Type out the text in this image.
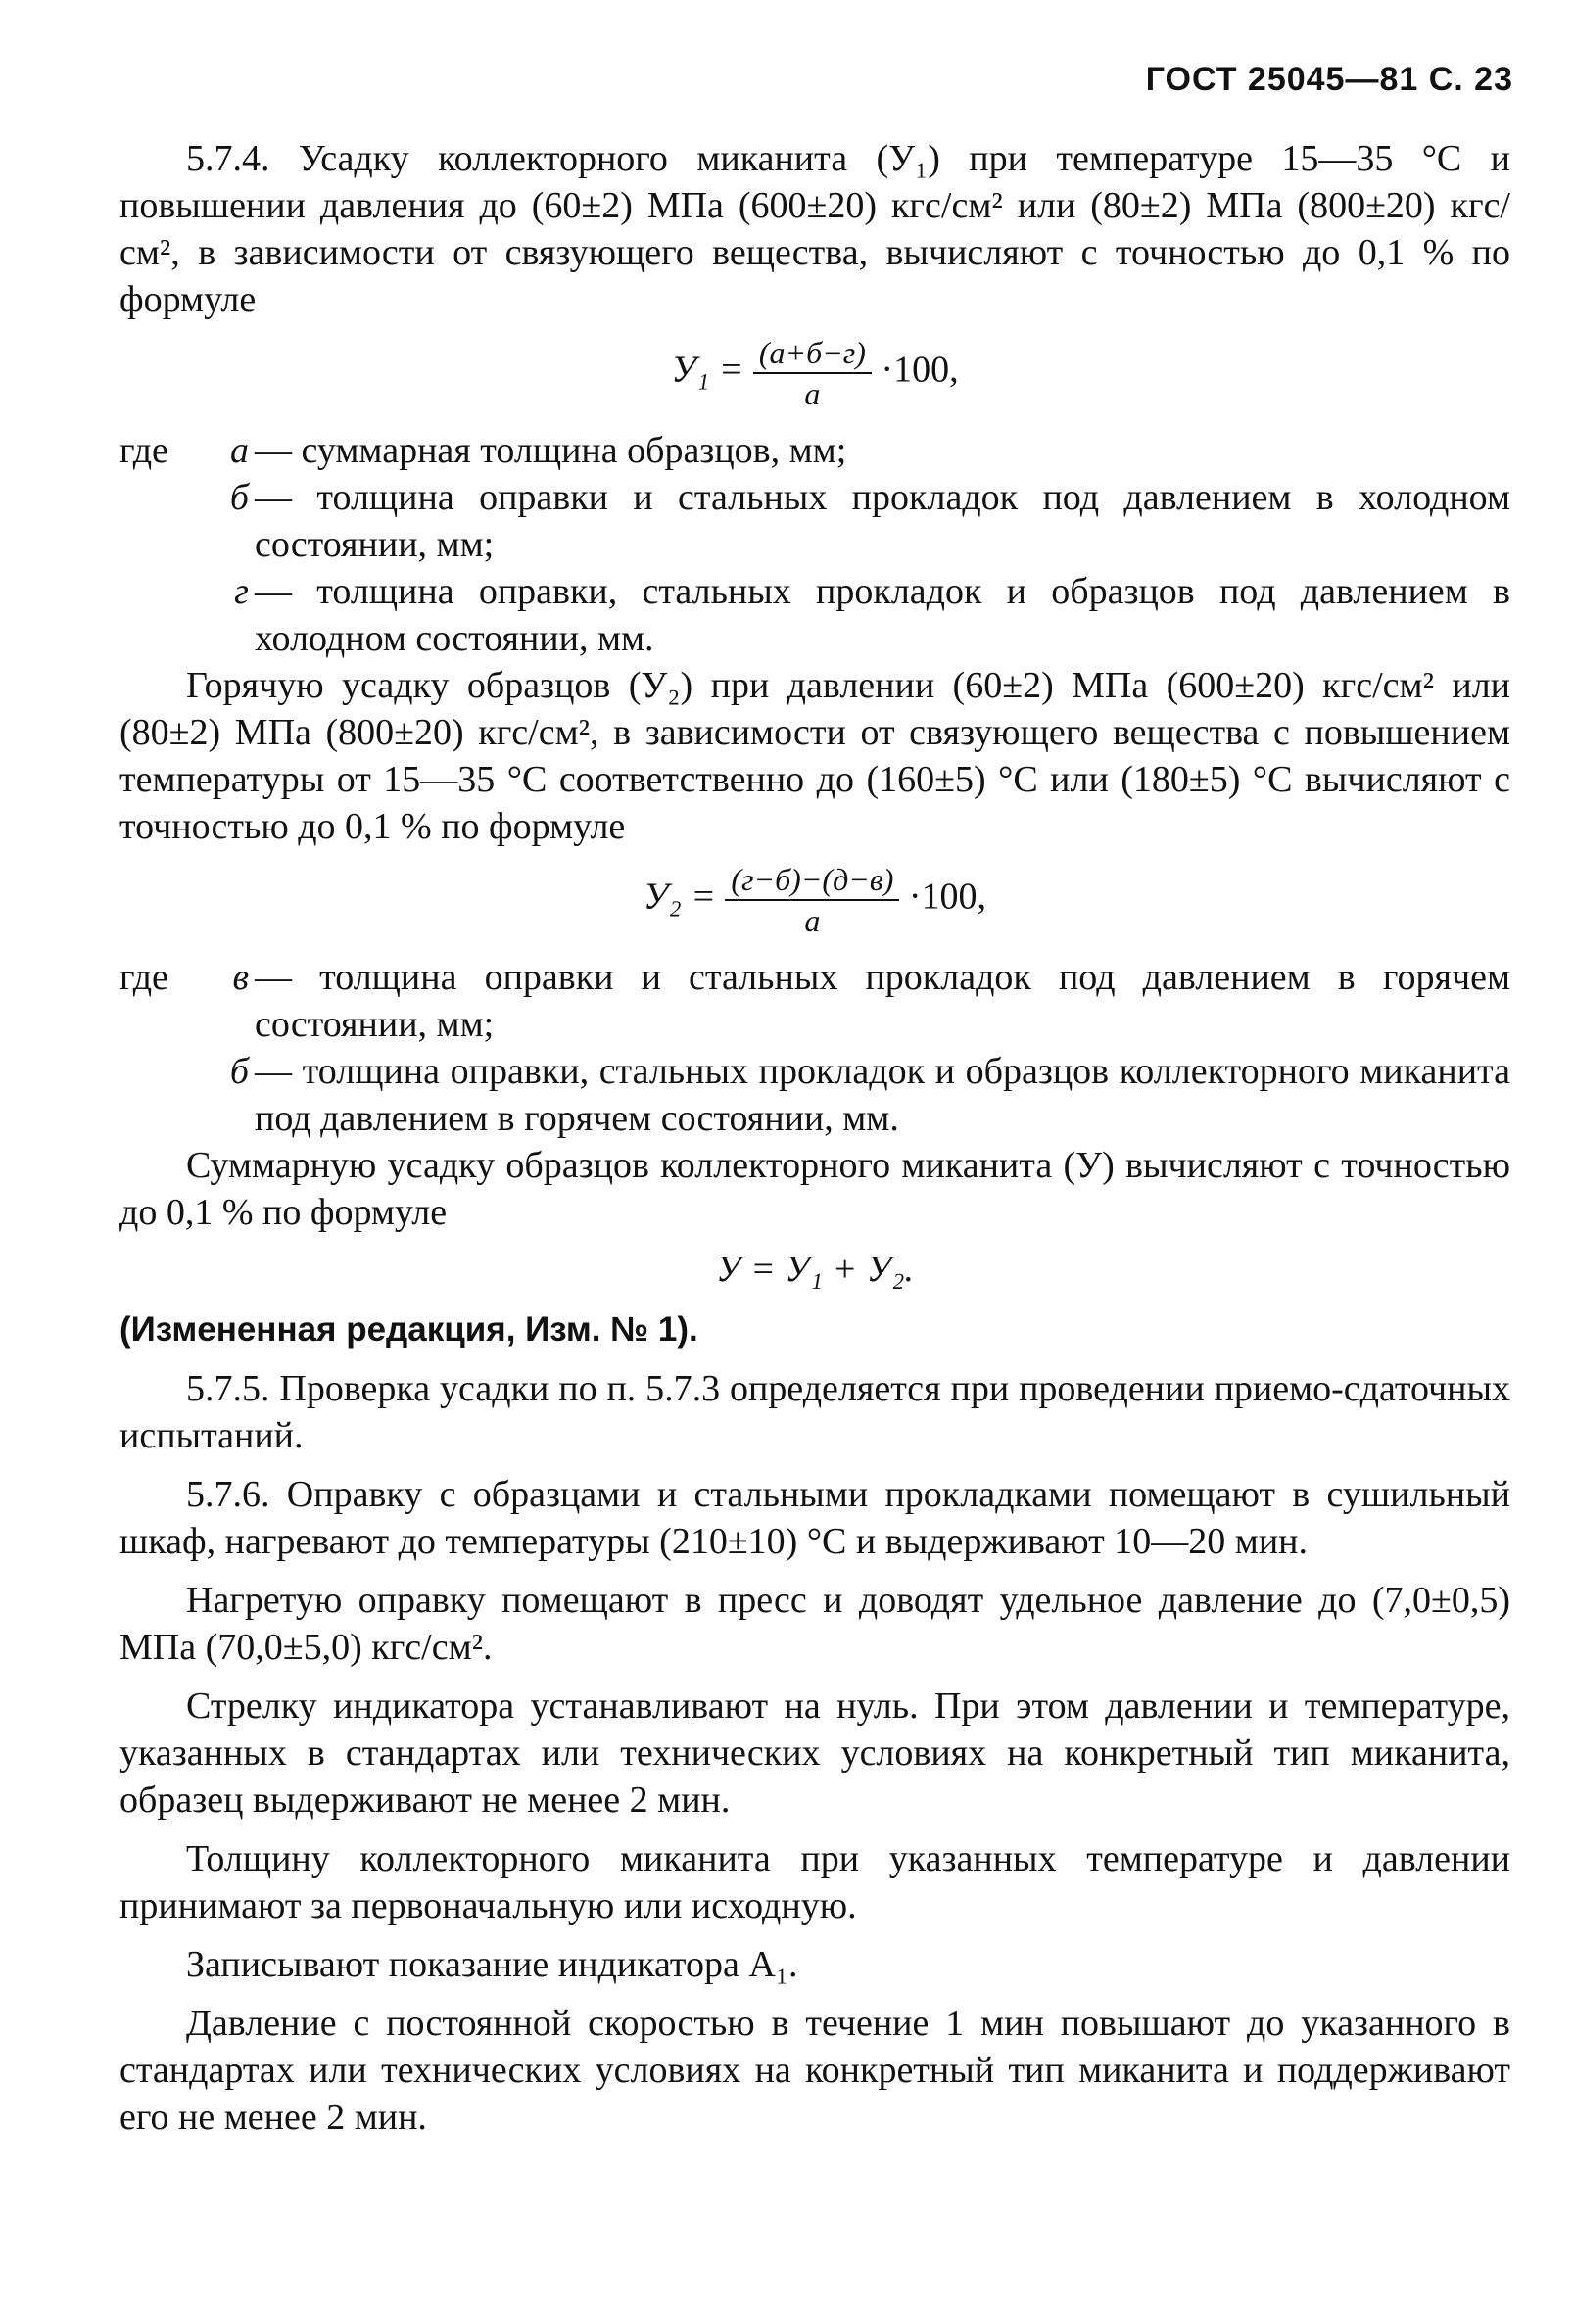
ГОСТ 25045—81 С. 23

5.7.4. Усадку коллекторного миканита (У₁) при температуре 15—35 °С и повышении давления до (60±2) МПа (600±20) кгс/см² или (80±2) МПа (800±20) кгс/см², в зависимости от связующего вещества, вычисляют с точностью до 0,1 % по формуле

$У_1 = \frac{(а+б-г)}{а} \cdot 100$,
где	а — суммарная толщина образцов, мм;
б — толщина оправки и стальных прокладок под давлением в холодном состоянии, мм;
г — толщина оправки, стальных прокладок и образцов под давлением в холодном состоянии, мм.

Горячую усадку образцов (У₂) при давлении (60±2) МПа (600±20) кгс/см² или (80±2) МПа (800±20) кгс/см², в зависимости от связующего вещества с повышением температуры от 15—35 °С соответственно до (160±5) °С или (180±5) °С вычисляют с точностью до 0,1 % по формуле

$У_2 = \frac{(г-б)-(д-в)}{а} \cdot 100$,
где	в — толщина оправки и стальных прокладок под давлением в горячем состоянии, мм;
б — толщина оправки, стальных прокладок и образцов коллекторного миканита под давлением в горячем состоянии, мм.

Суммарную усадку образцов коллекторного миканита (У) вычисляют с точностью до 0,1 % по формуле

У = У₁ + У₂.

(Измененная редакция, Изм. № 1).

5.7.5. Проверка усадки по п. 5.7.3 определяется при проведении приемо-сдаточных испытаний.

5.7.6. Оправку с образцами и стальными прокладками помещают в сушильный шкаф, нагревают до температуры (210±10) °С и выдерживают 10—20 мин.

Нагретую оправку помещают в пресс и доводят удельное давление до (7,0±0,5) МПа (70,0±5,0) кгс/см².

Стрелку индикатора устанавливают на нуль. При этом давлении и температуре, указанных в стандартах или технических условиях на конкретный тип миканита, образец выдерживают не менее 2 мин.

Толщину коллекторного миканита при указанных температуре и давлении принимают за первоначальную или исходную.

Записывают показание индикатора A₁.

Давление с постоянной скоростью в течение 1 мин повышают до указанного в стандартах или технических условиях на конкретный тип миканита и поддерживают его не менее 2 мин.
